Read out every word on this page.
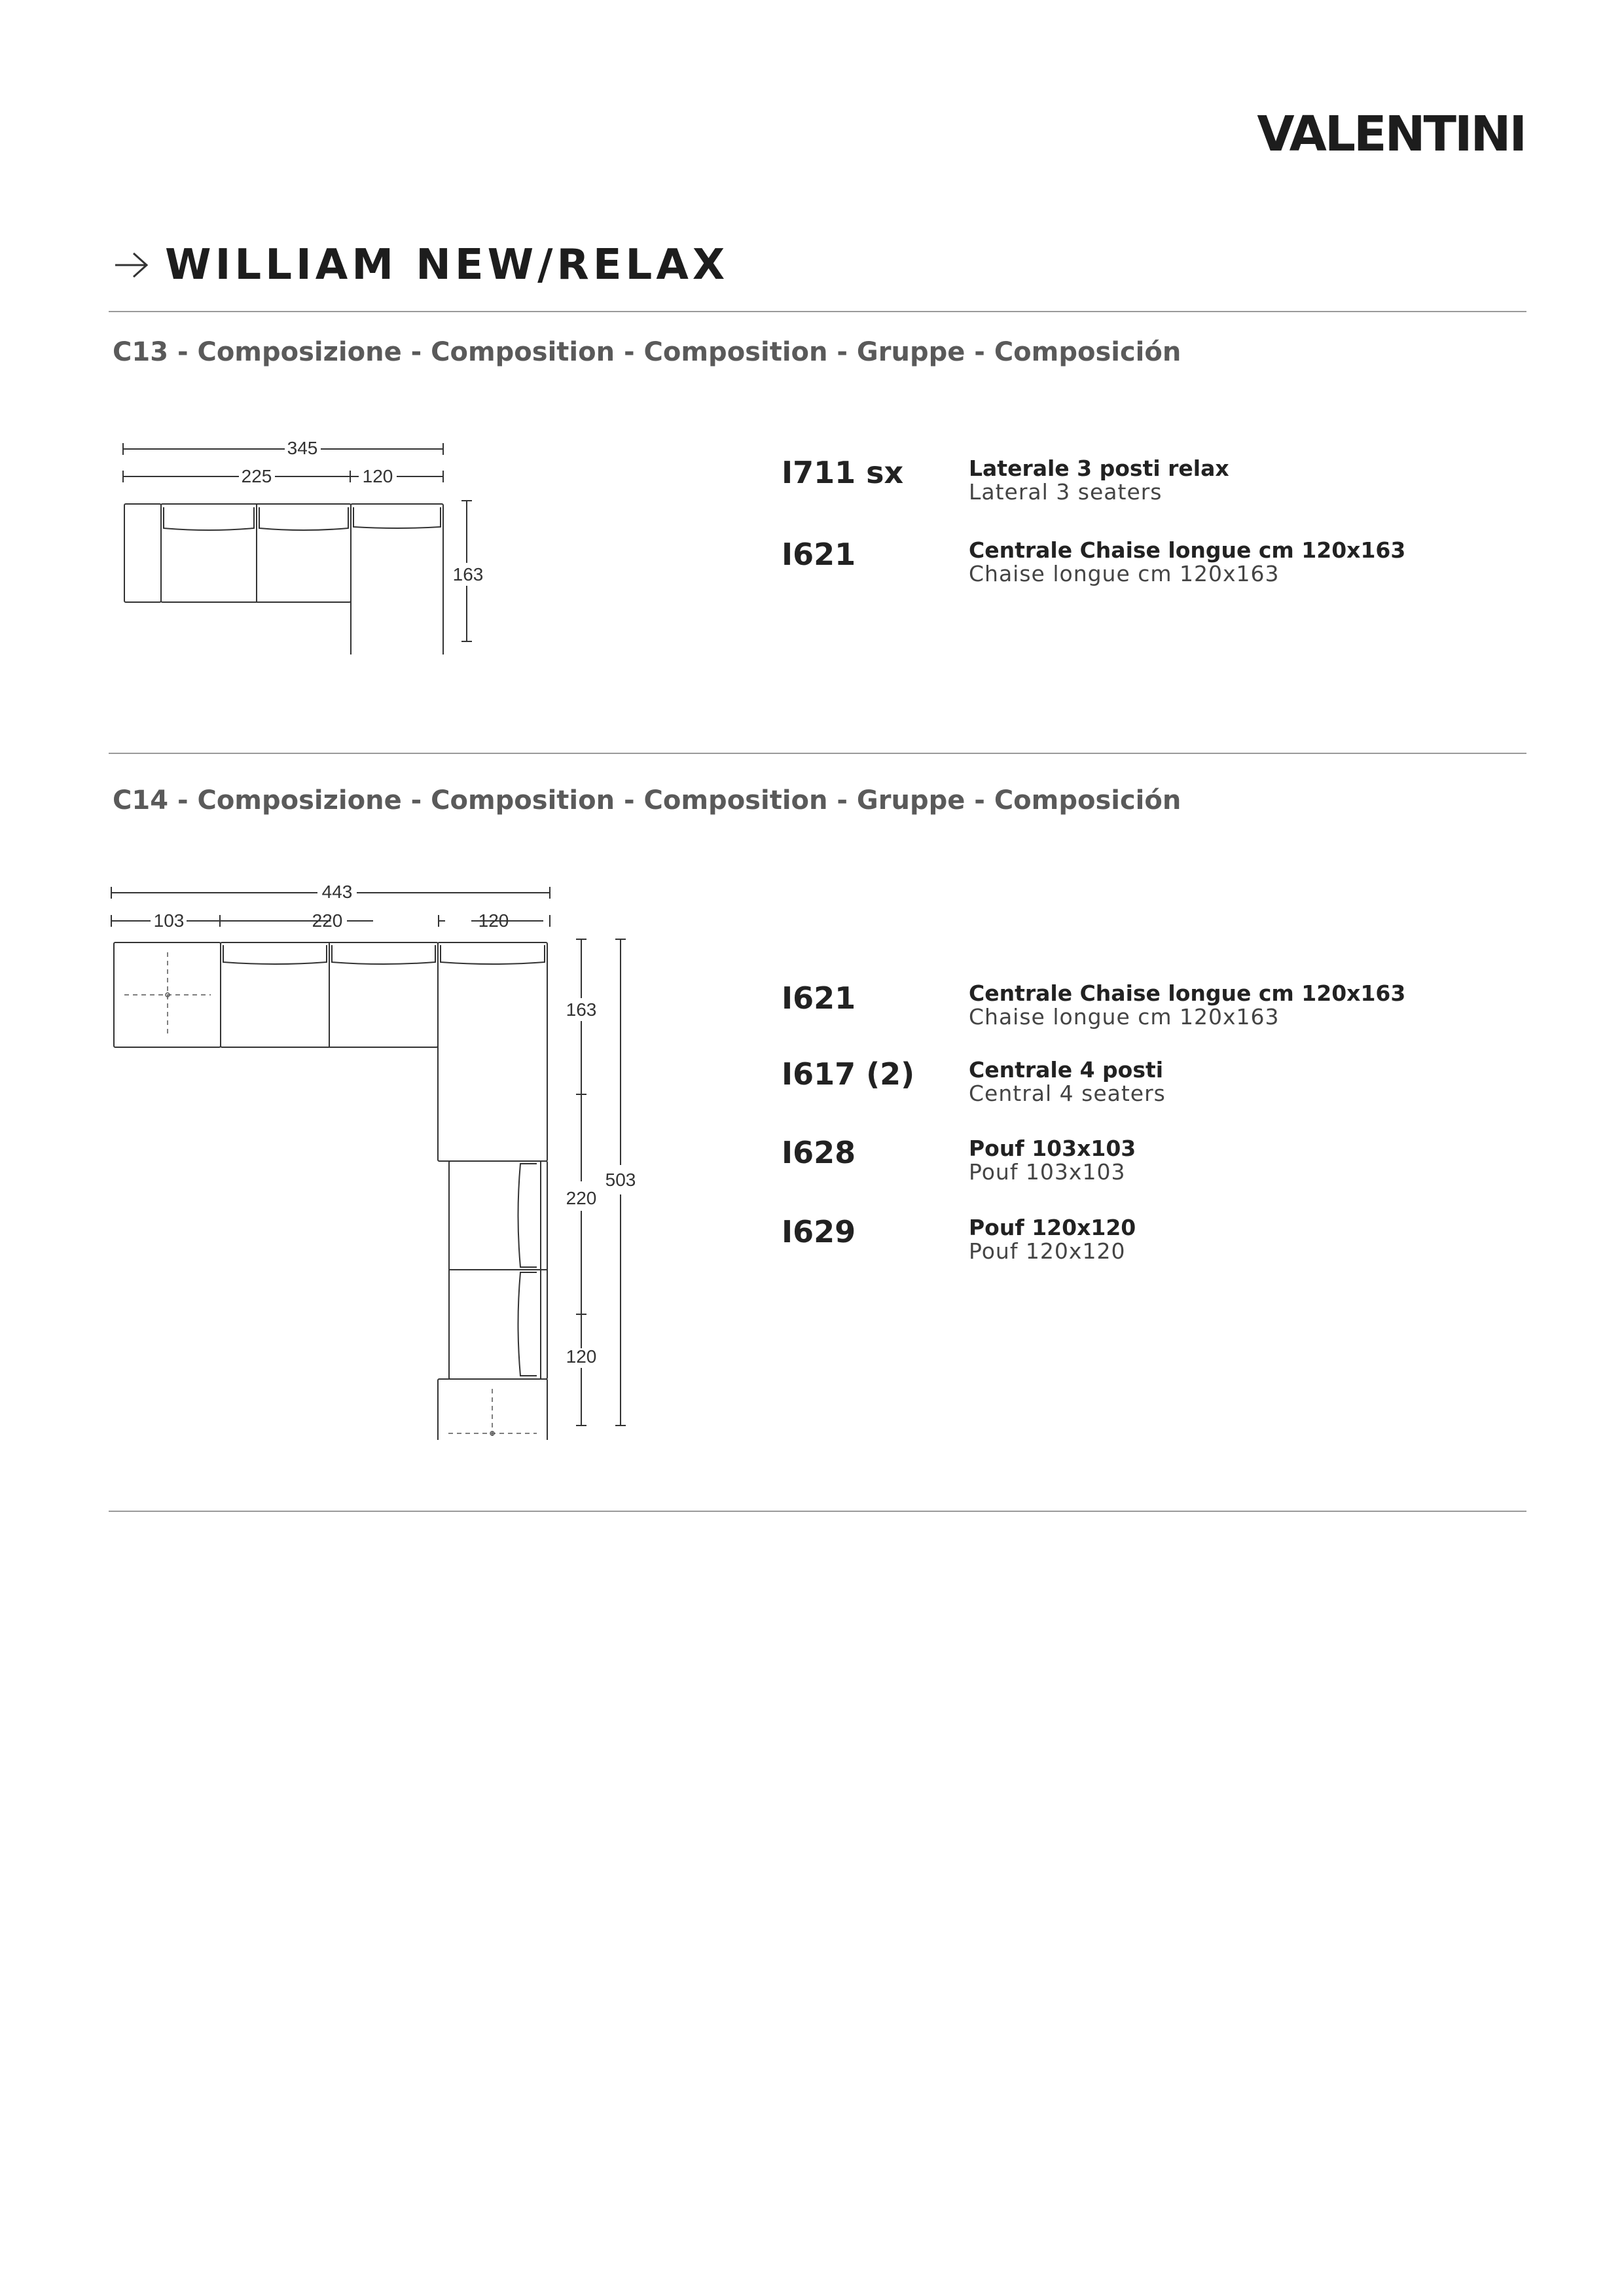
VALENTINI
WILLIAM NEW/RELAX
C13 - Composizione - Composition - Composition - Gruppe - Composición
345
225	120
163
I711 sx	Laterale 3 posti relax
Lateral 3 seaters
I621	Centrale Chaise longue cm 120x163
Chaise longue cm 120x163
C14 - Composizione - Composition - Composition - Gruppe - Composición
443
103	220	120
163
220
120
503
I621	Centrale Chaise longue cm 120x163
Chaise longue cm 120x163
I617 (2)	Centrale 4 posti
Central 4 seaters
I628	Pouf 103x103
Pouf 103x103
I629	Pouf 120x120
Pouf 120x120
